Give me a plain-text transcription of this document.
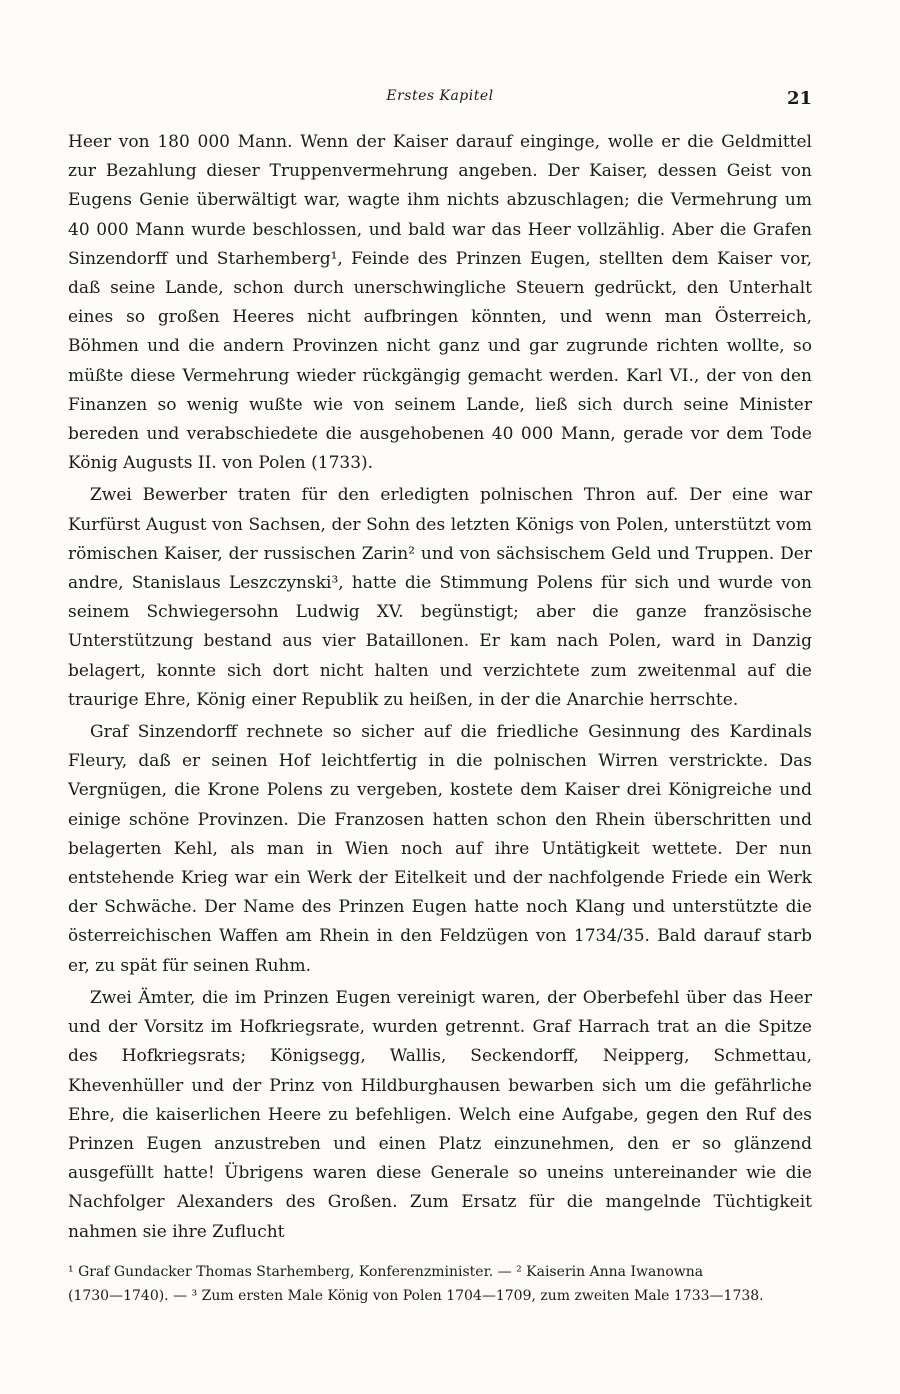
Erstes Kapitel	21

Heer von 180 000 Mann. Wenn der Kaiser darauf einginge, wolle er die Geldmittel zur Bezahlung dieser Truppenvermehrung angeben. Der Kaiser, dessen Geist von Eugens Genie überwältigt war, wagte ihm nichts abzuschlagen; die Vermehrung um 40 000 Mann wurde beschlossen, und bald war das Heer vollzählig. Aber die Grafen Sinzendorff und Starhemberg¹, Feinde des Prinzen Eugen, stellten dem Kaiser vor, daß seine Lande, schon durch unerschwingliche Steuern gedrückt, den Unterhalt eines so großen Heeres nicht aufbringen könnten, und wenn man Österreich, Böhmen und die andern Provinzen nicht ganz und gar zugrunde richten wollte, so müßte diese Vermehrung wieder rückgängig gemacht werden. Karl VI., der von den Finanzen so wenig wußte wie von seinem Lande, ließ sich durch seine Minister bereden und verabschiedete die ausgehobenen 40 000 Mann, gerade vor dem Tode König Augusts II. von Polen (1733).

Zwei Bewerber traten für den erledigten polnischen Thron auf. Der eine war Kurfürst August von Sachsen, der Sohn des letzten Königs von Polen, unterstützt vom römischen Kaiser, der russischen Zarin² und von sächsischem Geld und Truppen. Der andre, Stanislaus Leszczynski³, hatte die Stimmung Polens für sich und wurde von seinem Schwiegersohn Ludwig XV. begünstigt; aber die ganze französische Unterstützung bestand aus vier Bataillonen. Er kam nach Polen, ward in Danzig belagert, konnte sich dort nicht halten und verzichtete zum zweitenmal auf die traurige Ehre, König einer Republik zu heißen, in der die Anarchie herrschte.

Graf Sinzendorff rechnete so sicher auf die friedliche Gesinnung des Kardinals Fleury, daß er seinen Hof leichtfertig in die polnischen Wirren verstrickte. Das Vergnügen, die Krone Polens zu vergeben, kostete dem Kaiser drei Königreiche und einige schöne Provinzen. Die Franzosen hatten schon den Rhein überschritten und belagerten Kehl, als man in Wien noch auf ihre Untätigkeit wettete. Der nun entstehende Krieg war ein Werk der Eitelkeit und der nachfolgende Friede ein Werk der Schwäche. Der Name des Prinzen Eugen hatte noch Klang und unterstützte die österreichischen Waffen am Rhein in den Feldzügen von 1734/35. Bald darauf starb er, zu spät für seinen Ruhm.

Zwei Ämter, die im Prinzen Eugen vereinigt waren, der Oberbefehl über das Heer und der Vorsitz im Hofkriegsrate, wurden getrennt. Graf Harrach trat an die Spitze des Hofkriegsrats; Königsegg, Wallis, Seckendorff, Neipperg, Schmettau, Khevenhüller und der Prinz von Hildburghausen bewarben sich um die gefährliche Ehre, die kaiserlichen Heere zu befehligen. Welch eine Aufgabe, gegen den Ruf des Prinzen Eugen anzustreben und einen Platz einzunehmen, den er so glänzend ausgefüllt hatte! Übrigens waren diese Generale so uneins untereinander wie die Nachfolger Alexanders des Großen. Zum Ersatz für die mangelnde Tüchtigkeit nahmen sie ihre Zuflucht

¹ Graf Gundacker Thomas Starhemberg, Konferenzminister. — ² Kaiserin Anna Iwanowna

(1730—1740). — ³ Zum ersten Male König von Polen 1704—1709, zum zweiten Male 1733—1738.
